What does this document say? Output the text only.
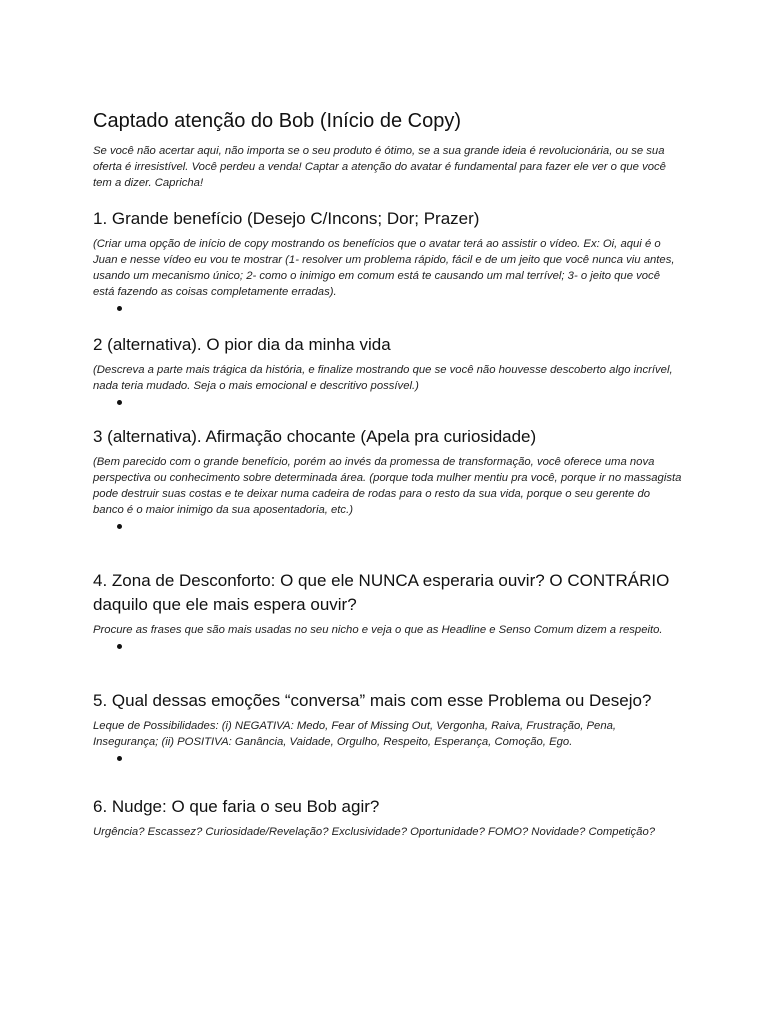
Captado atenção do Bob (Início de Copy)

Se você não acertar aqui, não importa se o seu produto é ótimo, se a sua grande ideia é revolucionária, ou se sua oferta é irresistível. Você perdeu a venda! Captar a atenção do avatar é fundamental para fazer ele ver o que você tem a dizer. Capricha!

1. Grande benefício (Desejo C/Incons; Dor; Prazer)

(Criar uma opção de início de copy mostrando os benefícios que o avatar terá ao assistir o vídeo. Ex: Oi, aqui é o Juan e nesse vídeo eu vou te mostrar (1- resolver um problema rápido, fácil e de um jeito que você nunca viu antes, usando um mecanismo único; 2- como o inimigo em comum está te causando um mal terrível; 3- o jeito que você está fazendo as coisas completamente erradas).

2 (alternativa). O pior dia da minha vida

(Descreva a parte mais trágica da história, e finalize mostrando que se você não houvesse descoberto algo incrível, nada teria mudado. Seja o mais emocional e descritivo possível.)

3 (alternativa). Afirmação chocante (Apela pra curiosidade)

(Bem parecido com o grande benefício, porém ao invés da promessa de transformação, você oferece uma nova perspectiva ou conhecimento sobre determinada área. (porque toda mulher mentiu pra você, porque ir no massagista pode destruir suas costas e te deixar numa cadeira de rodas para o resto da sua vida, porque o seu gerente do banco é o maior inimigo da sua aposentadoria, etc.)

4. Zona de Desconforto: O que ele NUNCA esperaria ouvir? O CONTRÁRIO daquilo que ele mais espera ouvir?

Procure as frases que são mais usadas no seu nicho e veja o que as Headline e Senso Comum dizem a respeito.

5. Qual dessas emoções “conversa” mais com esse Problema ou Desejo?

Leque de Possibilidades: (i) NEGATIVA: Medo, Fear of Missing Out, Vergonha, Raiva, Frustração, Pena, Insegurança; (ii) POSITIVA: Ganância, Vaidade, Orgulho, Respeito, Esperança, Comoção, Ego.

6. Nudge: O que faria o seu Bob agir?

Urgência? Escassez? Curiosidade/Revelação? Exclusividade? Oportunidade? FOMO? Novidade? Competição?
